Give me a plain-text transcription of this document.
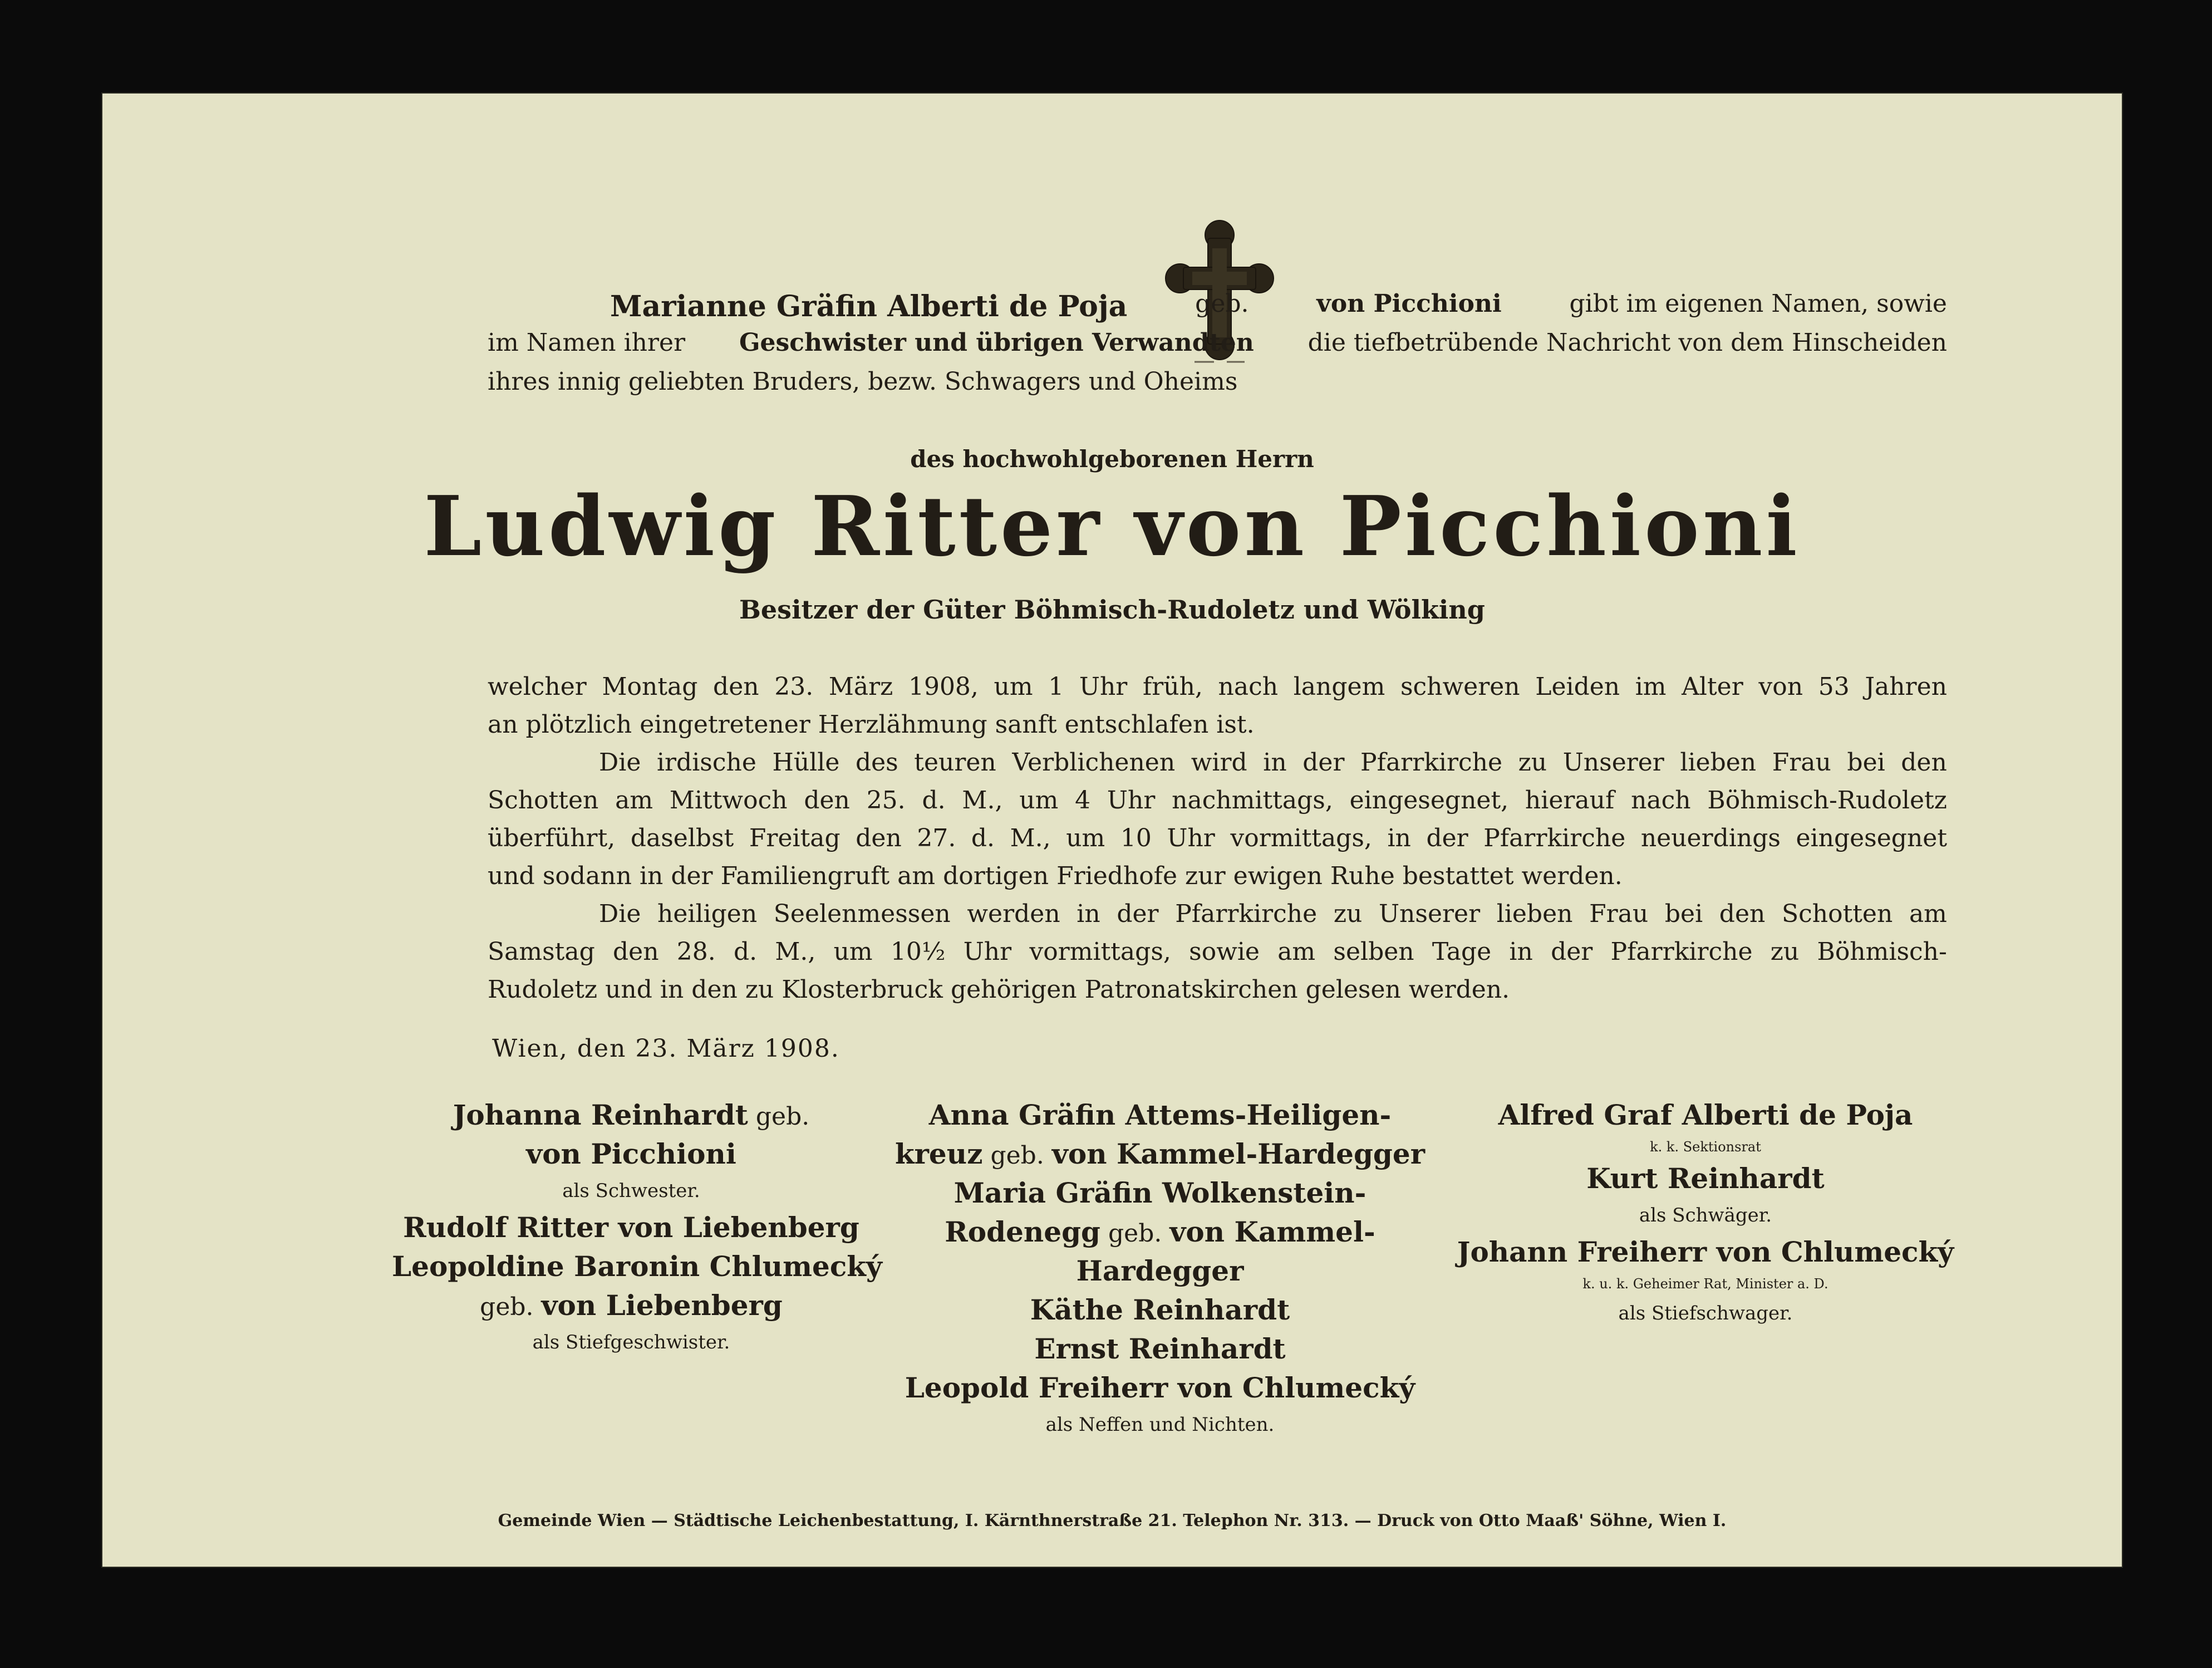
Marianne Gräfin Alberti de Poja	geb.	von Picchioni	gibt im eigenen Namen, sowie
im Namen ihrer Geschwister und übrigen Verwandten die tiefbetrübende Nachricht von dem Hinscheiden
ihres innig geliebten Bruders, bezw. Schwagers und Oheims
des hochwohlgeborenen Herrn
Ludwig Ritter von Picchioni
Besitzer der Güter Böhmisch-Rudoletz und Wölking
welcher Montag den 23. März 1908, um 1 Uhr früh, nach langem schweren Leiden im Alter von 53 Jahren
an plötzlich eingetretener Herzlähmung sanft entschlafen ist.
Die irdische Hülle des teuren Verblichenen wird in der Pfarrkirche zu Unserer lieben Frau bei den
Schotten am Mittwoch den 25. d. M., um 4 Uhr nachmittags, eingesegnet, hierauf nach Böhmisch-Rudoletz
überführt, daselbst Freitag den 27. d. M., um 10 Uhr vormittags, in der Pfarrkirche neuerdings eingesegnet
und sodann in der Familiengruft am dortigen Friedhofe zur ewigen Ruhe bestattet werden.
Die heiligen Seelenmessen werden in der Pfarrkirche zu Unserer lieben Frau bei den Schotten am
Samstag den 28. d. M., um 10½ Uhr vormittags, sowie am selben Tage in der Pfarrkirche zu Böhmisch-
Rudoletz und in den zu Klosterbruck gehörigen Patronatskirchen gelesen werden.
Wien, den 23. März 1908.
Johanna Reinhardt geb.
von Picchioni
als Schwester.
Rudolf Ritter von Liebenberg
Leopoldine Baronin Chlumecký
geb. von Liebenberg
als Stiefgeschwister.
Anna Gräfin Attems-Heiligen-
kreuz geb. von Kammel-Hardegger
Maria Gräfin Wolkenstein-
Rodenegg geb. von Kammel-
Hardegger
Käthe Reinhardt
Ernst Reinhardt
Leopold Freiherr von Chlumecký
als Neffen und Nichten.
Alfred Graf Alberti de Poja
k. k. Sektionsrat
Kurt Reinhardt
als Schwäger.
Johann Freiherr von Chlumecký
k. u. k. Geheimer Rat, Minister a. D.
als Stiefschwager.
Gemeinde Wien — Städtische Leichenbestattung, I. Kärnthnerstraße 21. Telephon Nr. 313. — Druck von Otto Maaß' Söhne, Wien I.
